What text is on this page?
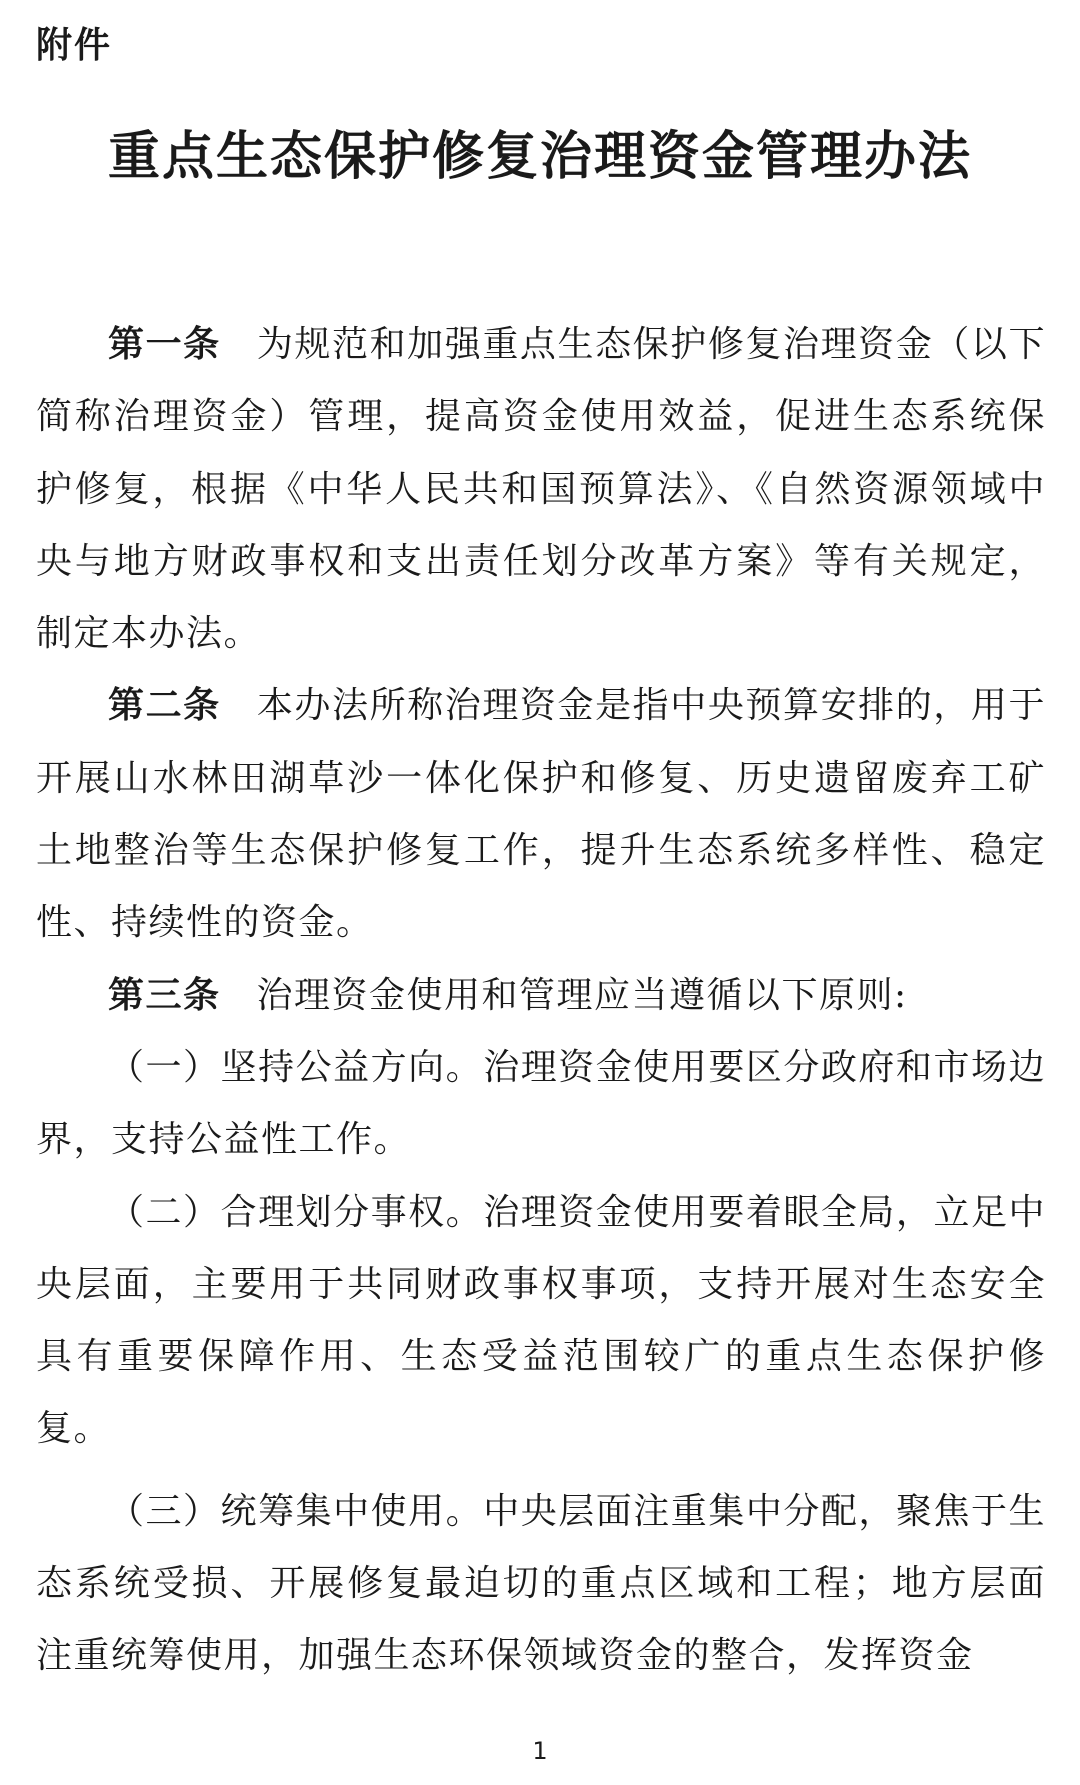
附件
重点生态保护修复治理资金管理办法

第一条 为规范和加强重点生态保护修复治理资金（以下简称治理资金）管理，提高资金使用效益，促进生态系统保护修复，根据《中华人民共和国预算法》、《自然资源领域中央与地方财政事权和支出责任划分改革方案》等有关规定，制定本办法。

第二条 本办法所称治理资金是指中央预算安排的，用于开展山水林田湖草沙一体化保护和修复、历史遗留废弃工矿土地整治等生态保护修复工作，提升生态系统多样性、稳定性、持续性的资金。

第三条 治理资金使用和管理应当遵循以下原则:

（一）坚持公益方向。治理资金使用要区分政府和市场边界，支持公益性工作。

（二）合理划分事权。治理资金使用要着眼全局，立足中央层面，主要用于共同财政事权事项，支持开展对生态安全具有重要保障作用、生态受益范围较广的重点生态保护修复。

（三）统筹集中使用。中央层面注重集中分配，聚焦于生态系统受损、开展修复最迫切的重点区域和工程；地方层面注重统筹使用，加强生态环保领域资金的整合，发挥资金

1
